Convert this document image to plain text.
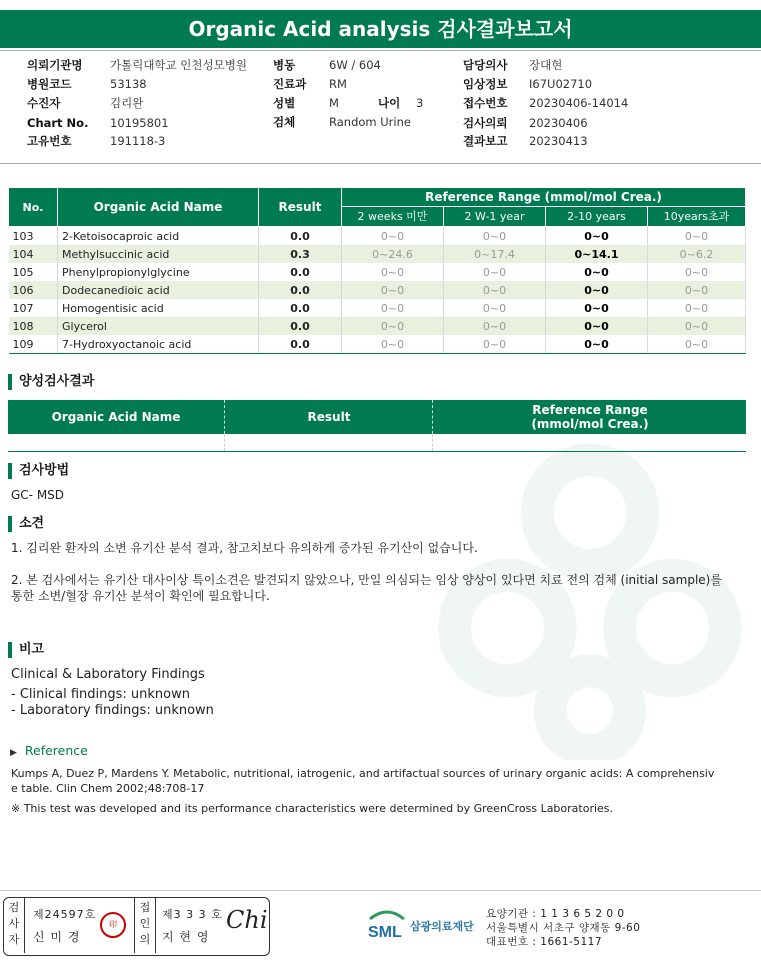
Organic Acid analysis 검사결과보고서
의뢰기관명 가톨릭대학교 인천성모병원
병원코드	53138
수진자	김리완
Chart No. 10195801
고유번호	191118-3
병동	6W / 604
진료과 RM
성별	M	나이 3
검체	Random Urine
담당의사 장대현
임상정보 I67U02710
접수번호 20230406-14014
검사의뢰 20230406
결과보고 20230413
No.	Organic Acid Name	Result	Reference Range (mmol/mol Crea.)			
			2 weeks 미만	2 W-1 year	2-10 years	10years초과
103	2-Ketoisocaproic acid	0.0	0~0	0~0	0~0	0~0
104	Methylsuccinic acid	0.3	0~24.6	0~17.4	0~14.1	0~6.2
105	Phenylpropionylglycine	0.0	0~0	0~0	0~0	0~0
106	Dodecanedioic acid	0.0	0~0	0~0	0~0	0~0
107	Homogentisic acid	0.0	0~0	0~0	0~0	0~0
108	Glycerol	0.0	0~0	0~0	0~0	0~0
109	7-Hydroxyoctanoic acid	0.0	0~0	0~0	0~0	0~0
양성검사결과
Organic Acid Name	Result	Reference Range
(mmol/mol Crea.)
검사방법
GC- MSD
소견
1. 김리완 환자의 소변 유기산 분석 결과, 참고치보다 유의하게 증가된 유기산이 없습니다.
2. 본 검사에서는 유기산 대사이상 특이소견은 발견되지 않았으나, 만일 의심되는 임상 양상이 있다면 치료 전의 검체 (initial sample)를
통한 소변/혈장 유기산 분석이 확인에 필요합니다.
비고
Clinical & Laboratory Findings
- Clinical findings: unknown
- Laboratory findings: unknown
▶ Reference
Kumps A, Duez P, Mardens Y. Metabolic, nutritional, iatrogenic, and artifactual sources of urinary organic acids: A comprehensiv
e table. Clin Chem 2002;48:708-17
※ This test was developed and its performance characteristics were determined by GreenCross Laboratories.
검
사
자
제24597호
신 미 경
印
접
인
의
제3 3 3 호
지 현 영
Chi	SML 삼광의료재단
요양기관 : 1 1 3 6 5 2 0 0
서울특별시 서초구 양재동 9-60
대표번호 : 1661-5117
